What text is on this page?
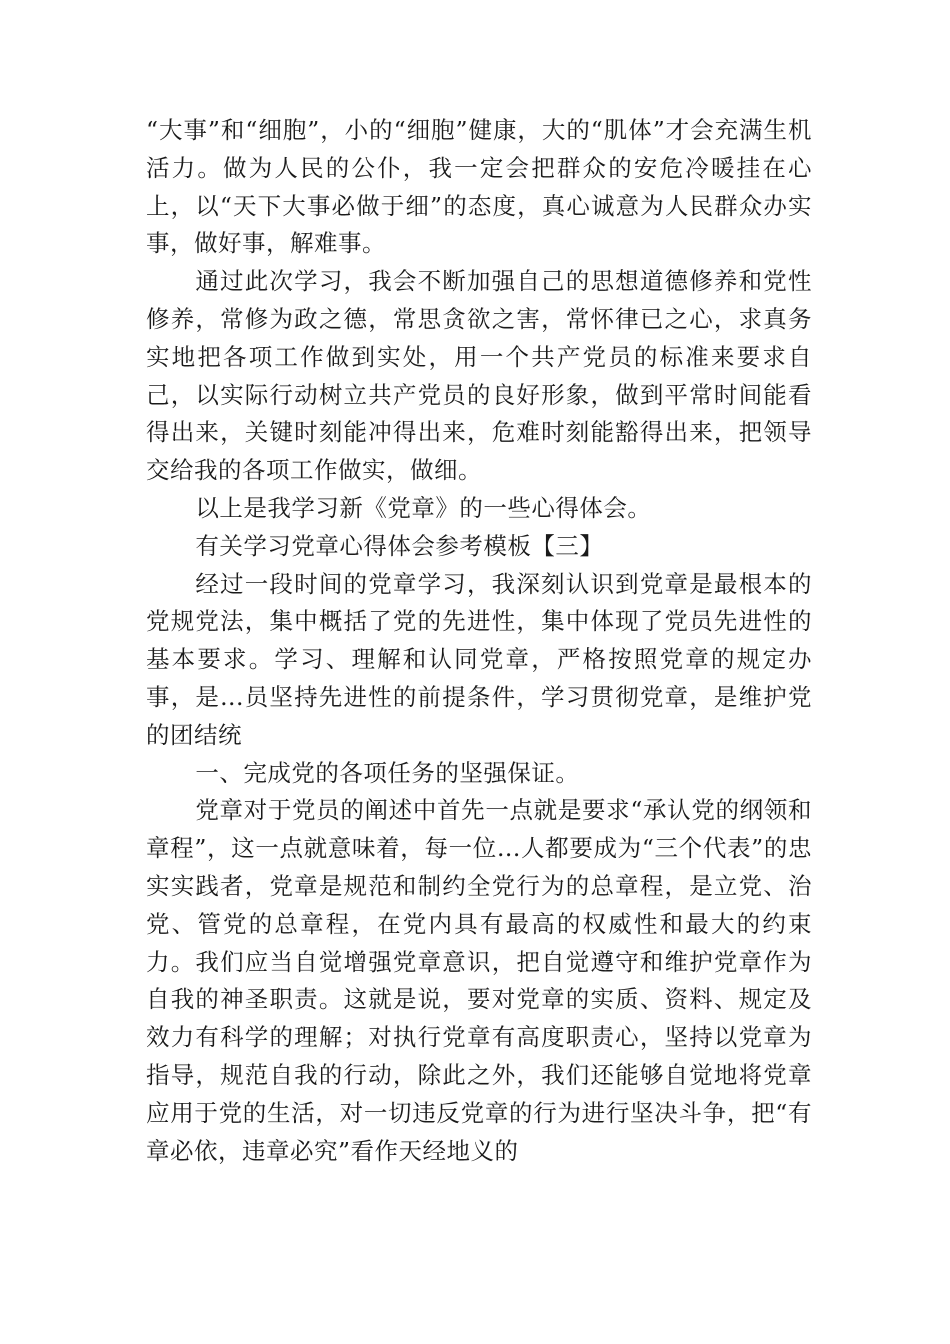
“大事”和“细胞”，小的“细胞”健康，大的“肌体”才会充满生机活力。做为人民的公仆，我一定会把群众的安危冷暖挂在心上，以“天下大事必做于细”的态度，真心诚意为人民群众办实事，做好事，解难事。

通过此次学习，我会不断加强自己的思想道德修养和党性修养，常修为政之德，常思贪欲之害，常怀律已之心，求真务实地把各项工作做到实处，用一个共产党员的标准来要求自己，以实际行动树立共产党员的良好形象，做到平常时间能看得出来，关键时刻能冲得出来，危难时刻能豁得出来，把领导交给我的各项工作做实，做细。

以上是我学习新《党章》的一些心得体会。

有关学习党章心得体会参考模板【三】

经过一段时间的党章学习，我深刻认识到党章是最根本的党规党法，集中概括了党的先进性，集中体现了党员先进性的基本要求。学习、理解和认同党章，严格按照党章的规定办事，是...员坚持先进性的前提条件，学习贯彻党章，是维护党的团结统

一、完成党的各项任务的坚强保证。

党章对于党员的阐述中首先一点就是要求“承认党的纲领和章程”，这一点就意味着，每一位...人都要成为“三个代表”的忠实实践者，党章是规范和制约全党行为的总章程，是立党、治党、管党的总章程，在党内具有最高的权威性和最大的约束力。我们应当自觉增强党章意识，把自觉遵守和维护党章作为自我的神圣职责。这就是说，要对党章的实质、资料、规定及效力有科学的理解；对执行党章有高度职责心，坚持以党章为指导，规范自我的行动，除此之外，我们还能够自觉地将党章应用于党的生活，对一切违反党章的行为进行坚决斗争，把“有章必依，违章必究”看作天经地义的
